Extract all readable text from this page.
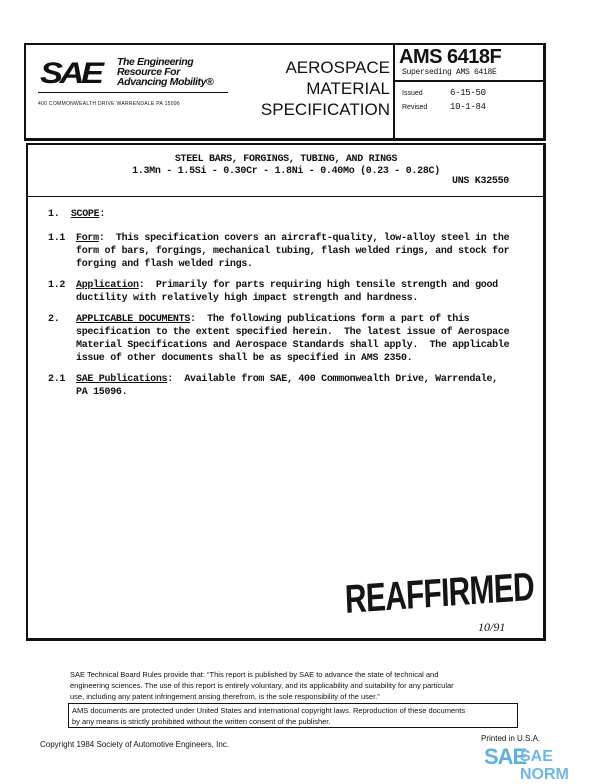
SAE The Engineering
Resource For
Advancing Mobility®
400 COMMONWEALTH DRIVE WARRENDALE PA 15096
AEROSPACE
MATERIAL
SPECIFICATION
AMS 6418F
Superseding AMS 6418E
Issued	6-15-50
Revised	10-1-84
STEEL BARS, FORGINGS, TUBING, AND RINGS
1.3Mn - 1.5Si - 0.30Cr - 1.8Ni - 0.40Mo (0.23 - 0.28C)
UNS K32550
1. SCOPE:
1.1 Form:  This specification covers an aircraft-quality, low-alloy steel in the
form of bars, forgings, mechanical tubing, flash welded rings, and stock for
forging and flash welded rings.
1.2 Application:  Primarily for parts requiring high tensile strength and good
ductility with relatively high impact strength and hardness.
2. APPLICABLE DOCUMENTS:  The following publications form a part of this
specification to the extent specified herein.  The latest issue of Aerospace
Material Specifications and Aerospace Standards shall apply.  The applicable
issue of other documents shall be as specified in AMS 2350.
2.1 SAE Publications:  Available from SAE, 400 Commonwealth Drive, Warrendale,
PA 15096.
REAFFIRMED
10/91
SAE Technical Board Rules provide that: “This report is published by SAE to advance the state of technical and
engineering sciences. The use of this report is entirely voluntary, and its applicability and suitability for any particular
use, including any patent infringement arising therefrom, is the sole responsibility of the user.”
AMS documents are protected under United States and international copyright laws. Reproduction of these documents
by any means is strictly prohibited without the written consent of the publisher.
Copyright 1984 Society of Automotive Engineers, Inc.
Printed in U.S.A.
SAE
SAE NORM
